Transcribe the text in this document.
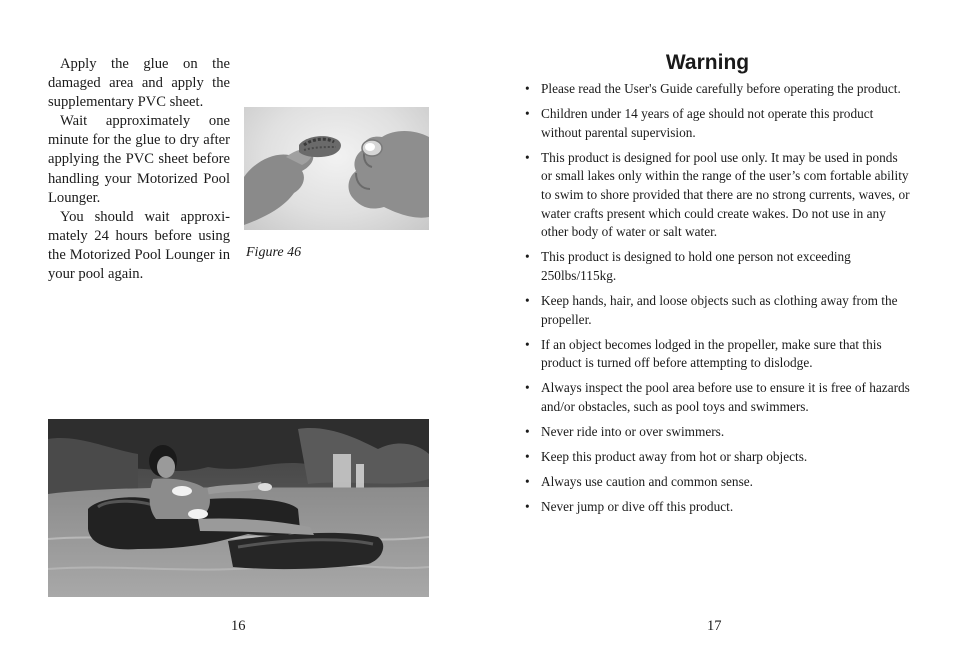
Apply the glue on the damaged area and apply the supplementary PVC sheet.

Wait approximately one minute for the glue to dry after applying the PVC sheet before handling your Motorized Pool Lounger.

You should wait approxi-mately 24 hours before using the Motorized Pool Lounger in your pool again.

Figure 46
16
Warning
• Please read the User's Guide carefully before operating the product.
• Children under 14 years of age should not operate this product without parental supervision.
• This product is designed for pool use only. It may be used in ponds or small lakes only within the range of the user’s com fortable ability to swim to shore provided that there are no strong currents, waves, or water crafts present which could create wakes. Do not use in any other body of water or salt water.
• This product is designed to hold one person not exceeding 250lbs/115kg.
• Keep hands, hair, and loose objects such as clothing away from the propeller.
• If an object becomes lodged in the propeller, make sure that this product is turned off before attempting to dislodge.
• Always inspect the pool area before use to ensure it is free of hazards and/or obstacles, such as pool toys and swimmers.
• Never ride into or over swimmers.
• Keep this product away from hot or sharp objects.
• Always use caution and common sense.
• Never jump or dive off this product.
17
